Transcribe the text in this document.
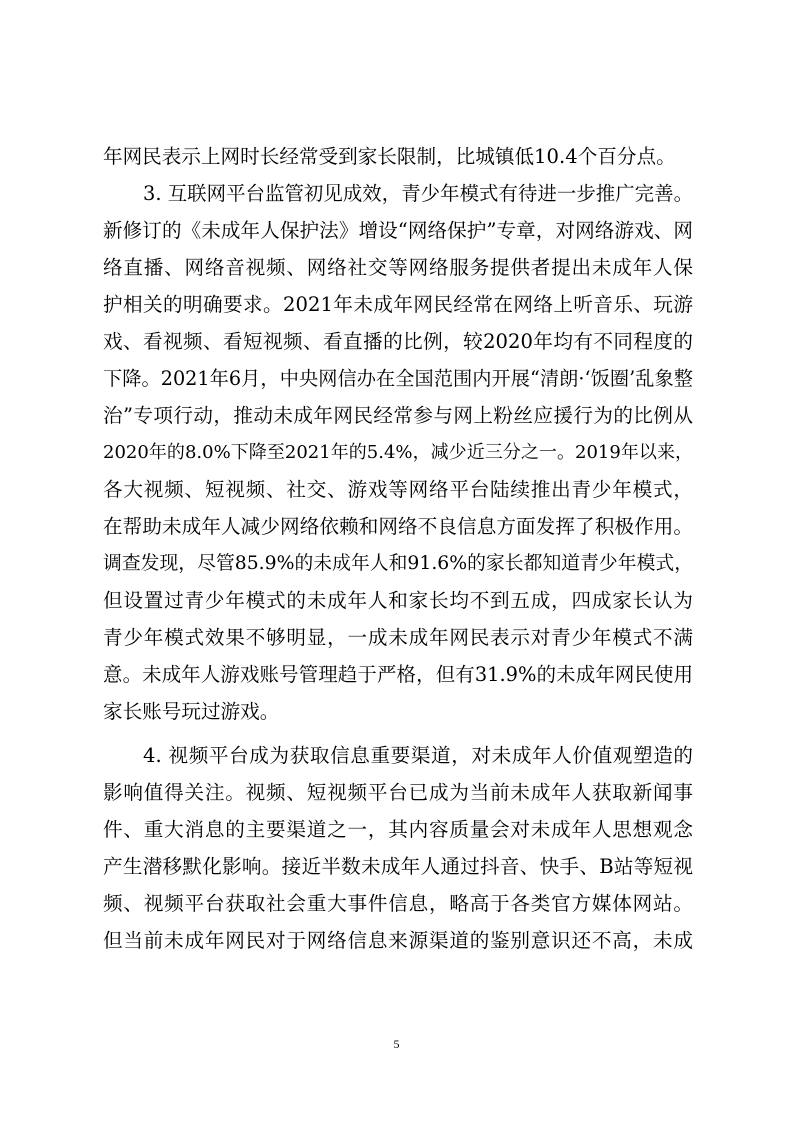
年网民表示上网时长经常受到家长限制，比城镇低10.4个百分点。
3. 互联网平台监管初见成效，青少年模式有待进一步推广完善。
新修订的《未成年人保护法》增设“网络保护”专章，对网络游戏、网
络直播、网络音视频、网络社交等网络服务提供者提出未成年人保
护相关的明确要求。2021年未成年网民经常在网络上听音乐、玩游
戏、看视频、看短视频、看直播的比例，较2020年均有不同程度的
下降。2021年6月，中央网信办在全国范围内开展“清朗·‘饭圈’乱象整
治”专项行动，推动未成年网民经常参与网上粉丝应援行为的比例从
2020年的8.0%下降至2021年的5.4%，减少近三分之一。2019年以来，
各大视频、短视频、社交、游戏等网络平台陆续推出青少年模式，
在帮助未成年人减少网络依赖和网络不良信息方面发挥了积极作用。
调查发现，尽管85.9%的未成年人和91.6%的家长都知道青少年模式，
但设置过青少年模式的未成年人和家长均不到五成，四成家长认为
青少年模式效果不够明显，一成未成年网民表示对青少年模式不满
意。未成年人游戏账号管理趋于严格，但有31.9%的未成年网民使用
家长账号玩过游戏。
4. 视频平台成为获取信息重要渠道，对未成年人价值观塑造的
影响值得关注。视频、短视频平台已成为当前未成年人获取新闻事
件、重大消息的主要渠道之一，其内容质量会对未成年人思想观念
产生潜移默化影响。接近半数未成年人通过抖音、快手、B站等短视
频、视频平台获取社会重大事件信息，略高于各类官方媒体网站。
但当前未成年网民对于网络信息来源渠道的鉴别意识还不高，未成
5
